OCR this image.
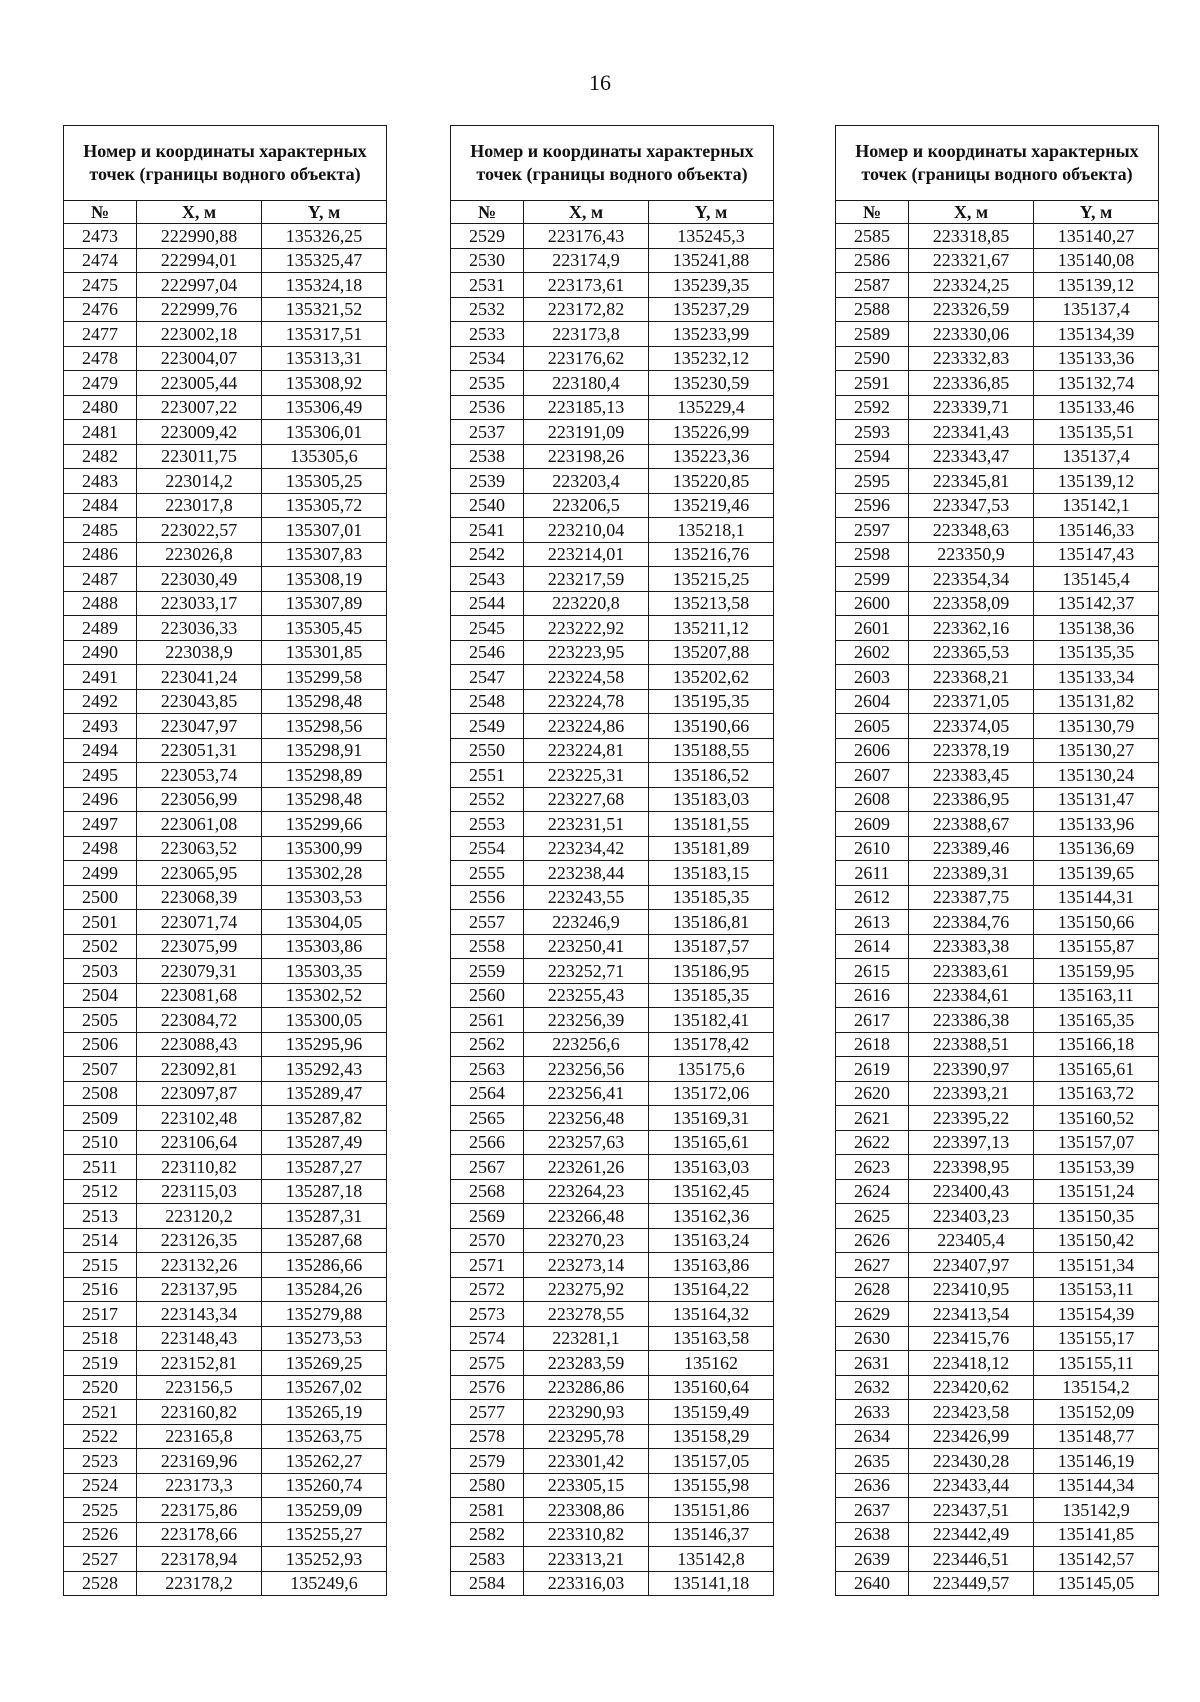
16
Номер и координаты характерных точек (границы водного объекта)		
№	X, м	Y, м
2473	222990,88	135326,25
2474	222994,01	135325,47
2475	222997,04	135324,18
2476	222999,76	135321,52
2477	223002,18	135317,51
2478	223004,07	135313,31
2479	223005,44	135308,92
2480	223007,22	135306,49
2481	223009,42	135306,01
2482	223011,75	135305,6
2483	223014,2	135305,25
2484	223017,8	135305,72
2485	223022,57	135307,01
2486	223026,8	135307,83
2487	223030,49	135308,19
2488	223033,17	135307,89
2489	223036,33	135305,45
2490	223038,9	135301,85
2491	223041,24	135299,58
2492	223043,85	135298,48
2493	223047,97	135298,56
2494	223051,31	135298,91
2495	223053,74	135298,89
2496	223056,99	135298,48
2497	223061,08	135299,66
2498	223063,52	135300,99
2499	223065,95	135302,28
2500	223068,39	135303,53
2501	223071,74	135304,05
2502	223075,99	135303,86
2503	223079,31	135303,35
2504	223081,68	135302,52
2505	223084,72	135300,05
2506	223088,43	135295,96
2507	223092,81	135292,43
2508	223097,87	135289,47
2509	223102,48	135287,82
2510	223106,64	135287,49
2511	223110,82	135287,27
2512	223115,03	135287,18
2513	223120,2	135287,31
2514	223126,35	135287,68
2515	223132,26	135286,66
2516	223137,95	135284,26
2517	223143,34	135279,88
2518	223148,43	135273,53
2519	223152,81	135269,25
2520	223156,5	135267,02
2521	223160,82	135265,19
2522	223165,8	135263,75
2523	223169,96	135262,27
2524	223173,3	135260,74
2525	223175,86	135259,09
2526	223178,66	135255,27
2527	223178,94	135252,93
2528	223178,2	135249,6
Номер и координаты характерных точек (границы водного объекта)		
№	X, м	Y, м
2529	223176,43	135245,3
2530	223174,9	135241,88
2531	223173,61	135239,35
2532	223172,82	135237,29
2533	223173,8	135233,99
2534	223176,62	135232,12
2535	223180,4	135230,59
2536	223185,13	135229,4
2537	223191,09	135226,99
2538	223198,26	135223,36
2539	223203,4	135220,85
2540	223206,5	135219,46
2541	223210,04	135218,1
2542	223214,01	135216,76
2543	223217,59	135215,25
2544	223220,8	135213,58
2545	223222,92	135211,12
2546	223223,95	135207,88
2547	223224,58	135202,62
2548	223224,78	135195,35
2549	223224,86	135190,66
2550	223224,81	135188,55
2551	223225,31	135186,52
2552	223227,68	135183,03
2553	223231,51	135181,55
2554	223234,42	135181,89
2555	223238,44	135183,15
2556	223243,55	135185,35
2557	223246,9	135186,81
2558	223250,41	135187,57
2559	223252,71	135186,95
2560	223255,43	135185,35
2561	223256,39	135182,41
2562	223256,6	135178,42
2563	223256,56	135175,6
2564	223256,41	135172,06
2565	223256,48	135169,31
2566	223257,63	135165,61
2567	223261,26	135163,03
2568	223264,23	135162,45
2569	223266,48	135162,36
2570	223270,23	135163,24
2571	223273,14	135163,86
2572	223275,92	135164,22
2573	223278,55	135164,32
2574	223281,1	135163,58
2575	223283,59	135162
2576	223286,86	135160,64
2577	223290,93	135159,49
2578	223295,78	135158,29
2579	223301,42	135157,05
2580	223305,15	135155,98
2581	223308,86	135151,86
2582	223310,82	135146,37
2583	223313,21	135142,8
2584	223316,03	135141,18
Номер и координаты характерных точек (границы водного объекта)		
№	X, м	Y, м
2585	223318,85	135140,27
2586	223321,67	135140,08
2587	223324,25	135139,12
2588	223326,59	135137,4
2589	223330,06	135134,39
2590	223332,83	135133,36
2591	223336,85	135132,74
2592	223339,71	135133,46
2593	223341,43	135135,51
2594	223343,47	135137,4
2595	223345,81	135139,12
2596	223347,53	135142,1
2597	223348,63	135146,33
2598	223350,9	135147,43
2599	223354,34	135145,4
2600	223358,09	135142,37
2601	223362,16	135138,36
2602	223365,53	135135,35
2603	223368,21	135133,34
2604	223371,05	135131,82
2605	223374,05	135130,79
2606	223378,19	135130,27
2607	223383,45	135130,24
2608	223386,95	135131,47
2609	223388,67	135133,96
2610	223389,46	135136,69
2611	223389,31	135139,65
2612	223387,75	135144,31
2613	223384,76	135150,66
2614	223383,38	135155,87
2615	223383,61	135159,95
2616	223384,61	135163,11
2617	223386,38	135165,35
2618	223388,51	135166,18
2619	223390,97	135165,61
2620	223393,21	135163,72
2621	223395,22	135160,52
2622	223397,13	135157,07
2623	223398,95	135153,39
2624	223400,43	135151,24
2625	223403,23	135150,35
2626	223405,4	135150,42
2627	223407,97	135151,34
2628	223410,95	135153,11
2629	223413,54	135154,39
2630	223415,76	135155,17
2631	223418,12	135155,11
2632	223420,62	135154,2
2633	223423,58	135152,09
2634	223426,99	135148,77
2635	223430,28	135146,19
2636	223433,44	135144,34
2637	223437,51	135142,9
2638	223442,49	135141,85
2639	223446,51	135142,57
2640	223449,57	135145,05
